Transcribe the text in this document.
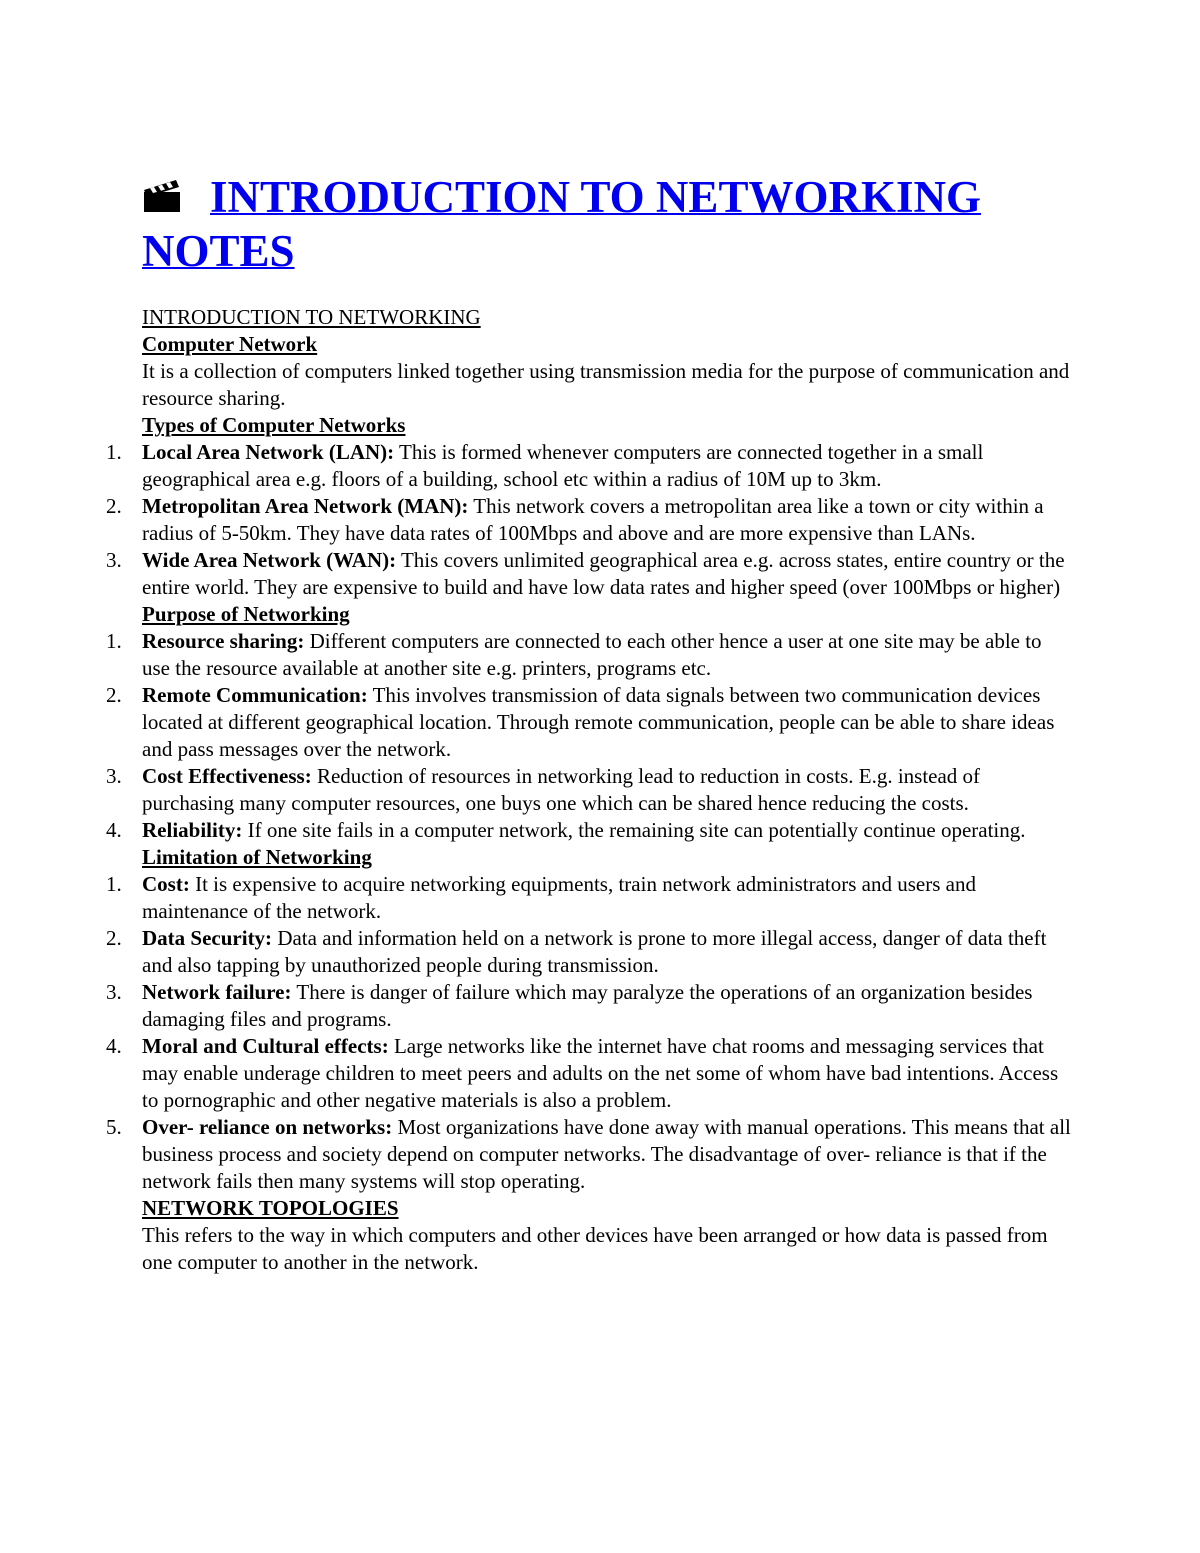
INTRODUCTION TO NETWORKING
NOTES

INTRODUCTION TO NETWORKING

Computer Network

It is a collection of computers linked together using transmission media for the purpose of communication and resource sharing.

Types of Computer Networks

1. Local Area Network (LAN): This is formed whenever computers are connected together in a small geographical area e.g. floors of a building, school etc within a radius of 10M up to 3km.
2. Metropolitan Area Network (MAN): This network covers a metropolitan area like a town or city within a radius of 5-50km. They have data rates of 100Mbps and above and are more expensive than LANs.
3. Wide Area Network (WAN): This covers unlimited geographical area e.g. across states, entire country or the entire world. They are expensive to build and have low data rates and higher speed (over 100Mbps or higher)

Purpose of Networking

1. Resource sharing: Different computers are connected to each other hence a user at one site may be able to use the resource available at another site e.g. printers, programs etc.
2. Remote Communication: This involves transmission of data signals between two communication devices located at different geographical location. Through remote communication, people can be able to share ideas and pass messages over the network.
3. Cost Effectiveness: Reduction of resources in networking lead to reduction in costs. E.g. instead of purchasing many computer resources, one buys one which can be shared hence reducing the costs.
4. Reliability: If one site fails in a computer network, the remaining site can potentially continue operating.

Limitation of Networking

1. Cost: It is expensive to acquire networking equipments, train network administrators and users and maintenance of the network.
2. Data Security: Data and information held on a network is prone to more illegal access, danger of data theft and also tapping by unauthorized people during transmission.
3. Network failure: There is danger of failure which may paralyze the operations of an organization besides damaging files and programs.
4. Moral and Cultural effects: Large networks like the internet have chat rooms and messaging services that may enable underage children to meet peers and adults on the net some of whom have bad intentions. Access to pornographic and other negative materials is also a problem.
5. Over- reliance on networks: Most organizations have done away with manual operations. This means that all business process and society depend on computer networks. The disadvantage of over- reliance is that if the network fails then many systems will stop operating.

NETWORK TOPOLOGIES

This refers to the way in which computers and other devices have been arranged or how data is passed from one computer to another in the network.
